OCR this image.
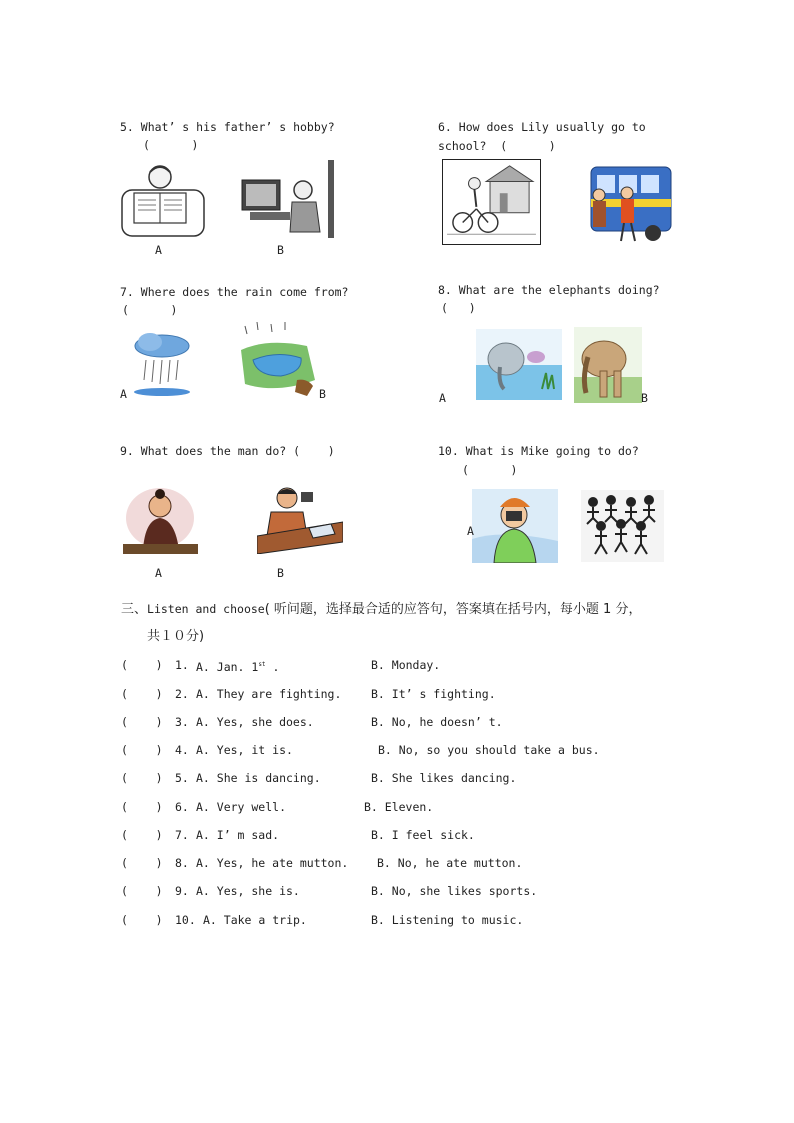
5. What’ s his father’ s hobby?
(      )
A	B
6. How does Lily usually go to
school?  (      )
7. Where does the rain come from?
(      )
A	B
8. What are the elephants doing?
(   )
A	B
9. What does the man do? (    )
A	B
10. What is Mike going to do?
(      )
A
三、Listen and choose( 听问题，选择最合适的应答句，答案填在括号内，每小题 1 分，
共１０分)
(    ) 1. A. Jan. 1st .	B. Monday.
(    ) 2. A. They are fighting.	B. It’ s fighting.
(    ) 3. A. Yes, she does.	B. No, he doesn’ t.
(    ) 4. A. Yes, it is.	B. No, so you should take a bus.
(    ) 5. A. She is dancing.	B. She likes dancing.
(    ) 6. A. Very well.	B. Eleven.
(    ) 7. A. I’ m sad.	B. I feel sick.
(    ) 8. A. Yes, he ate mutton. B. No, he ate mutton.
(    ) 9. A. Yes, she is.	B. No, she likes sports.
(    ) 10. A. Take a trip.	B. Listening to music.
